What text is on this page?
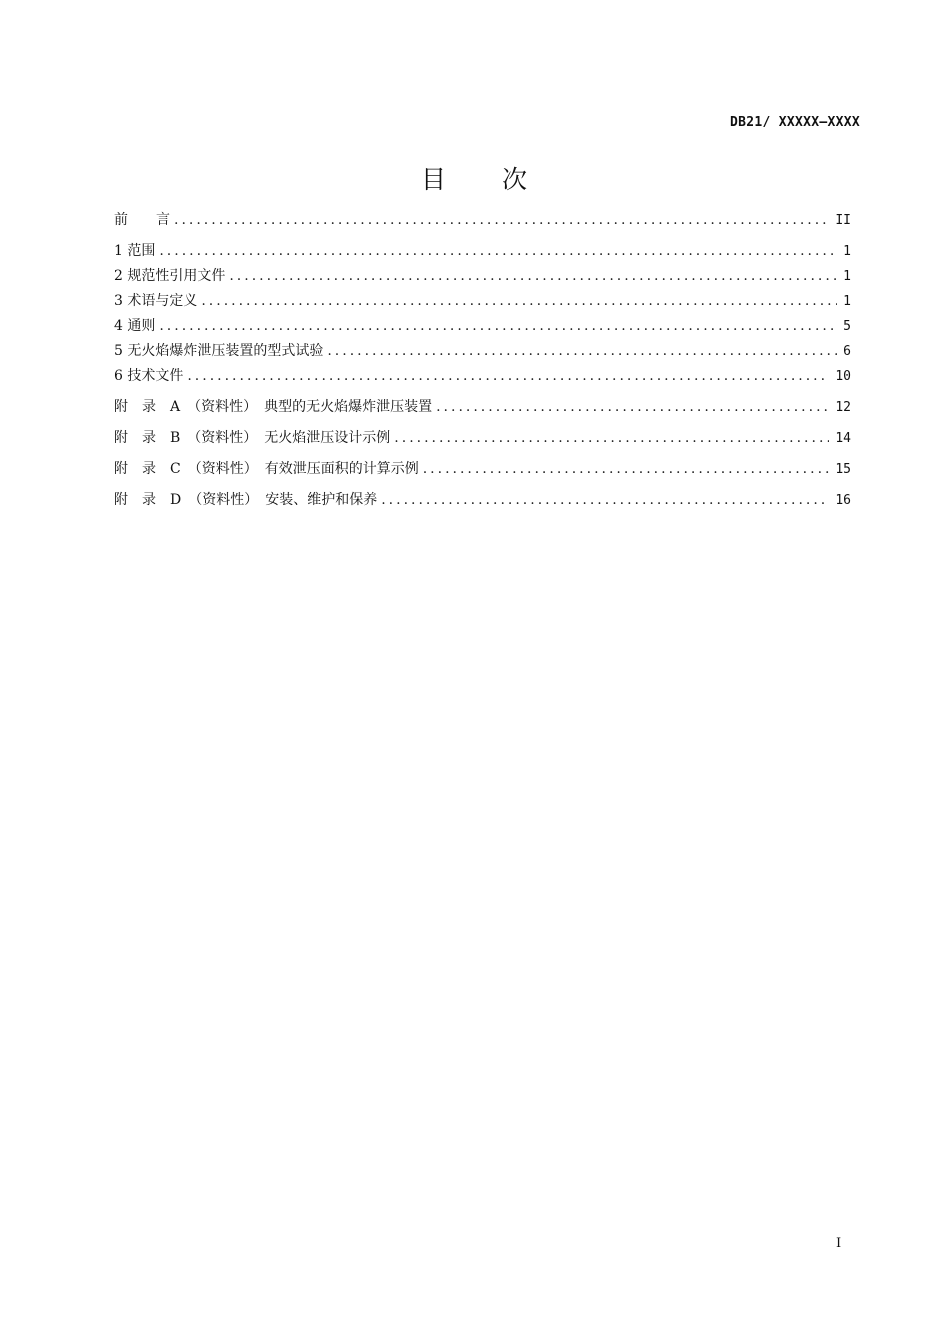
DB21/ XXXXX—XXXX
目　　次
前　　言 .....	II
1 范围 .....	1
2 规范性引用文件 .....	1
3 术语与定义 .....	1
4 通则 .....	5
5 无火焰爆炸泄压装置的型式试验 .....	6
6 技术文件 .....	10
附　录　A　（资料性）　典型的无火焰爆炸泄压装置 .....	12
附　录　B　（资料性）　无火焰泄压设计示例 .....	14
附　录　C　（资料性）　有效泄压面积的计算示例 .....	15
附　录　D　（资料性）　安装、维护和保养 .....	16
I
